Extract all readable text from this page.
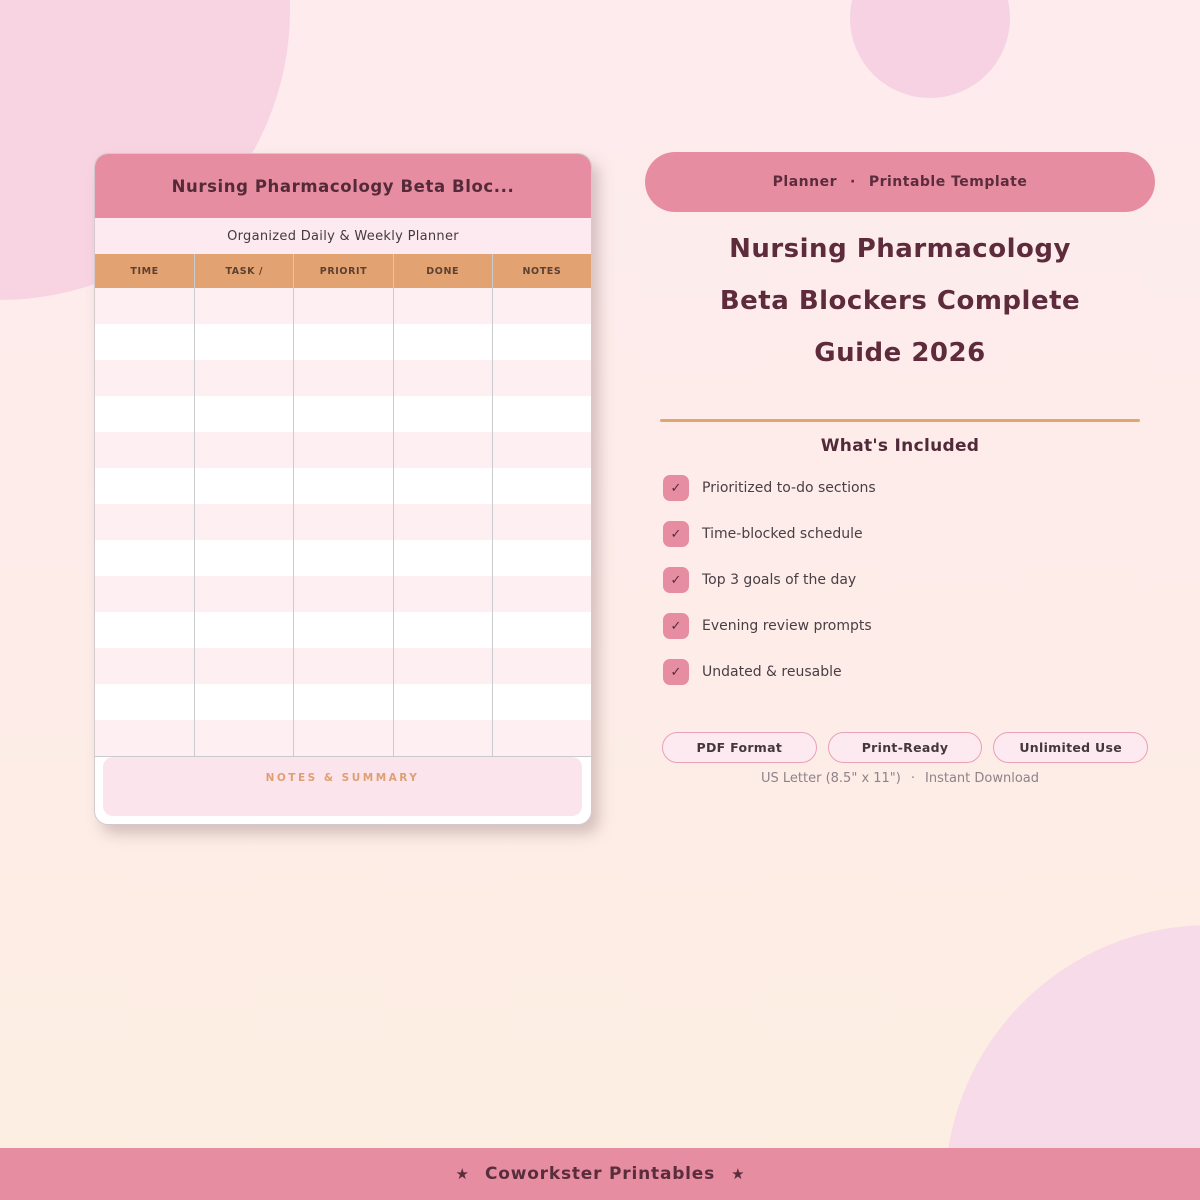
Nursing Pharmacology Beta Bloc...
Organized Daily & Weekly Planner
TIME	TASK /	PRIORIT	DONE	NOTES
NOTES & SUMMARY
Planner · Printable Template
Nursing Pharmacology
Beta Blockers Complete
Guide 2026
What's Included
✓	Prioritized to-do sections
✓	Time-blocked schedule
✓	Top 3 goals of the day
✓	Evening review prompts
✓	Undated & reusable
PDF Format	Print-Ready	Unlimited Use
US Letter (8.5" x 11") · Instant Download
★ Coworkster Printables ★
